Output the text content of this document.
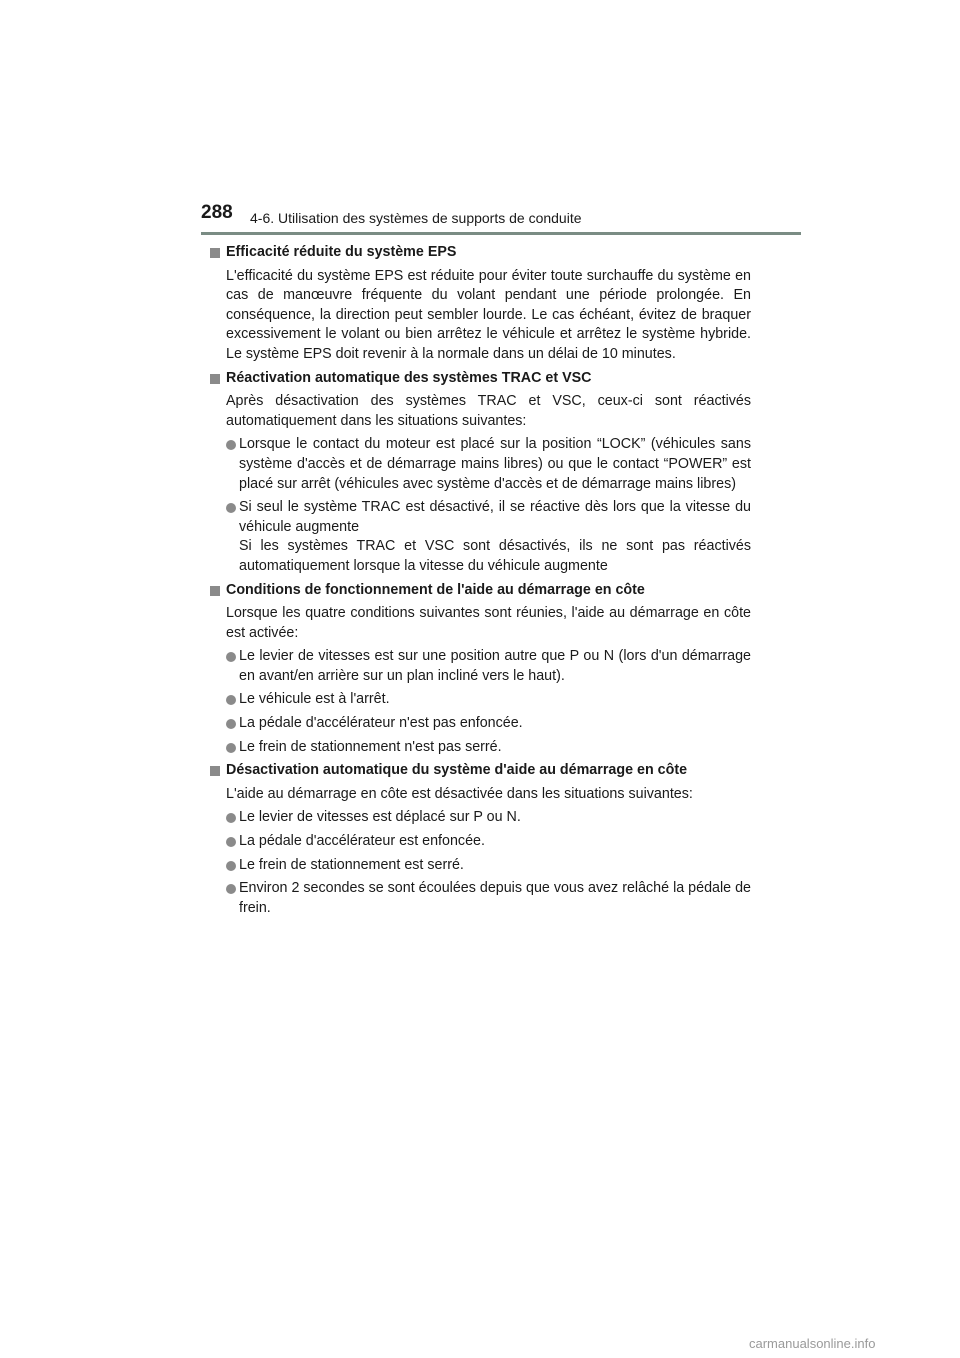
288 4-6. Utilisation des systèmes de supports de conduite
Efficacité réduite du système EPS
L'efficacité du système EPS est réduite pour éviter toute surchauffe du système en cas de manœuvre fréquente du volant pendant une période prolongée. En conséquence, la direction peut sembler lourde. Le cas échéant, évitez de braquer excessivement le volant ou bien arrêtez le véhicule et arrêtez le système hybride. Le système EPS doit revenir à la normale dans un délai de 10 minutes.
Réactivation automatique des systèmes TRAC et VSC
Après désactivation des systèmes TRAC et VSC, ceux-ci sont réactivés automatiquement dans les situations suivantes:
Lorsque le contact du moteur est placé sur la position “LOCK” (véhicules sans système d'accès et de démarrage mains libres) ou que le contact “POWER” est placé sur arrêt (véhicules avec système d'accès et de démarrage mains libres)
Si seul le système TRAC est désactivé, il se réactive dès lors que la vitesse du véhicule augmente
Si les systèmes TRAC et VSC sont désactivés, ils ne sont pas réactivés automatiquement lorsque la vitesse du véhicule augmente
Conditions de fonctionnement de l'aide au démarrage en côte
Lorsque les quatre conditions suivantes sont réunies, l'aide au démarrage en côte est activée:
Le levier de vitesses est sur une position autre que P ou N (lors d'un démarrage en avant/en arrière sur un plan incliné vers le haut).
Le véhicule est à l'arrêt.
La pédale d'accélérateur n'est pas enfoncée.
Le frein de stationnement n'est pas serré.
Désactivation automatique du système d'aide au démarrage en côte
L'aide au démarrage en côte est désactivée dans les situations suivantes:
Le levier de vitesses est déplacé sur P ou N.
La pédale d'accélérateur est enfoncée.
Le frein de stationnement est serré.
Environ 2 secondes se sont écoulées depuis que vous avez relâché la pédale de frein.
carmanualsonline.info
